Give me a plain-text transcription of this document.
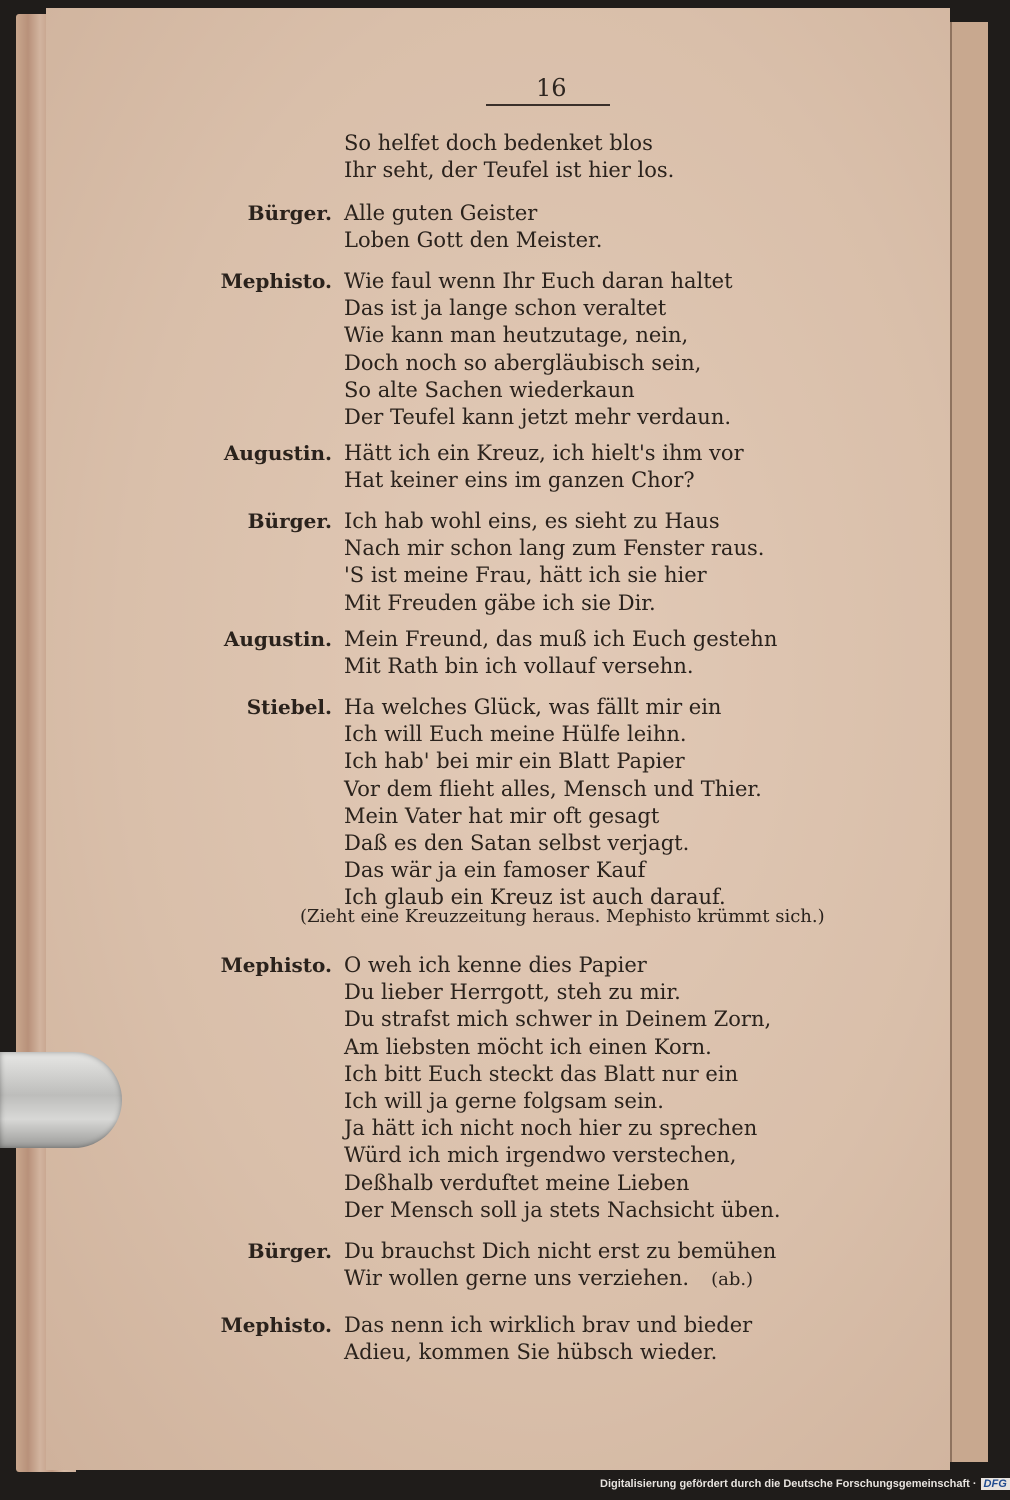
16
So helfet doch bedenket blos
Ihr seht, der Teufel ist hier los.
Bürger. Alle guten Geister
Loben Gott den Meister.
Mephisto. Wie faul wenn Ihr Euch daran haltet
Das ist ja lange schon veraltet
Wie kann man heutzutage, nein,
Doch noch so abergläubisch sein,
So alte Sachen wiederkaun
Der Teufel kann jetzt mehr verdaun.
Augustin. Hätt ich ein Kreuz, ich hielt's ihm vor
Hat keiner eins im ganzen Chor?
Bürger. Ich hab wohl eins, es sieht zu Haus
Nach mir schon lang zum Fenster raus.
'S ist meine Frau, hätt ich sie hier
Mit Freuden gäbe ich sie Dir.
Augustin. Mein Freund, das muß ich Euch gestehn
Mit Rath bin ich vollauf versehn.
Stiebel. Ha welches Glück, was fällt mir ein
Ich will Euch meine Hülfe leihn.
Ich hab' bei mir ein Blatt Papier
Vor dem flieht alles, Mensch und Thier.
Mein Vater hat mir oft gesagt
Daß es den Satan selbst verjagt.
Das wär ja ein famoser Kauf
Ich glaub ein Kreuz ist auch darauf.
(Zieht eine Kreuzzeitung heraus. Mephisto krümmt sich.)
Mephisto. O weh ich kenne dies Papier
Du lieber Herrgott, steh zu mir.
Du strafst mich schwer in Deinem Zorn,
Am liebsten möcht ich einen Korn.
Ich bitt Euch steckt das Blatt nur ein
Ich will ja gerne folgsam sein.
Ja hätt ich nicht noch hier zu sprechen
Würd ich mich irgendwo verstechen,
Deßhalb verduftet meine Lieben
Der Mensch soll ja stets Nachsicht üben.
Bürger. Du brauchst Dich nicht erst zu bemühen
Wir wollen gerne uns verziehen. (ab.)
Mephisto. Das nenn ich wirklich brav und bieder
Adieu, kommen Sie hübsch wieder.
Digitalisierung gefördert durch die Deutsche Forschungsgemeinschaft · DFG
